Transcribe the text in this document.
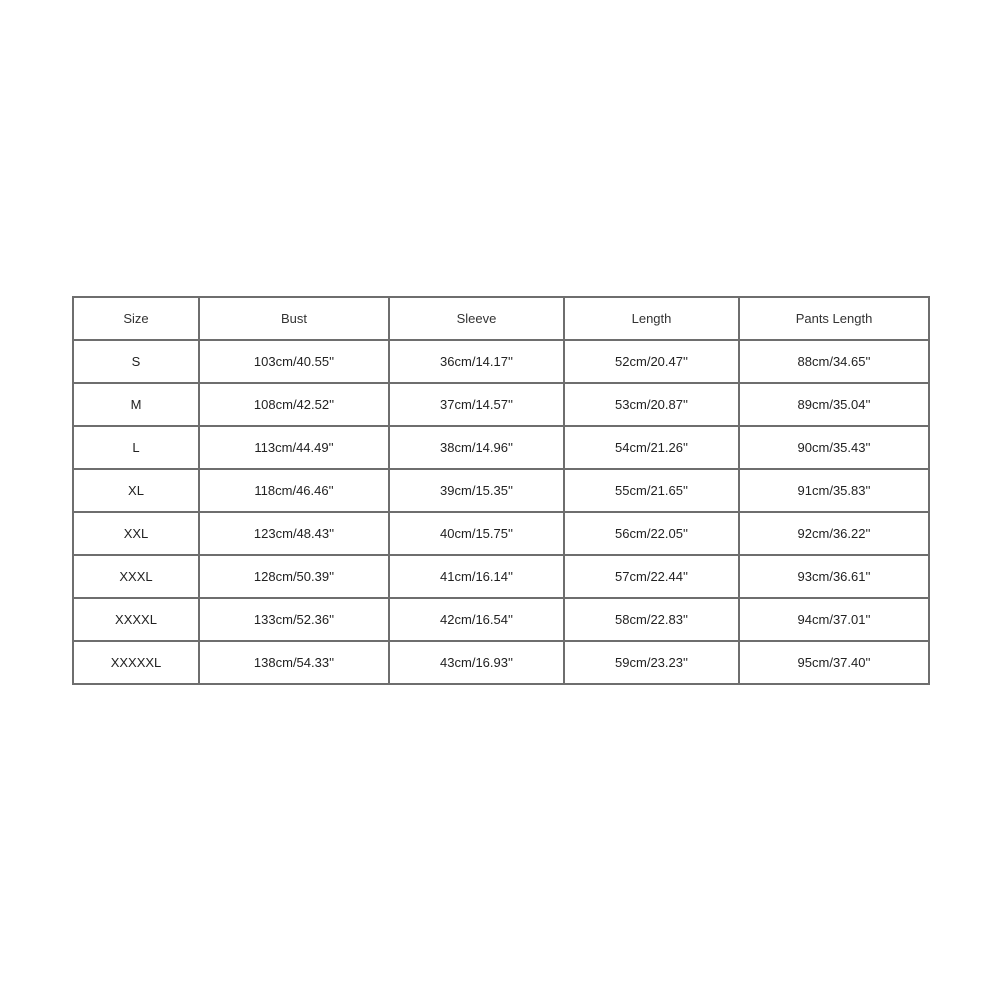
Size	Bust	Sleeve	Length	Pants Length
S	103cm/40.55''	36cm/14.17''	52cm/20.47''	88cm/34.65''
M	108cm/42.52''	37cm/14.57''	53cm/20.87''	89cm/35.04''
L	113cm/44.49''	38cm/14.96''	54cm/21.26''	90cm/35.43''
XL	118cm/46.46''	39cm/15.35''	55cm/21.65''	91cm/35.83''
XXL	123cm/48.43''	40cm/15.75''	56cm/22.05''	92cm/36.22''
XXXL	128cm/50.39''	41cm/16.14''	57cm/22.44''	93cm/36.61''
XXXXL	133cm/52.36''	42cm/16.54''	58cm/22.83''	94cm/37.01''
XXXXXL	138cm/54.33''	43cm/16.93''	59cm/23.23''	95cm/37.40''
